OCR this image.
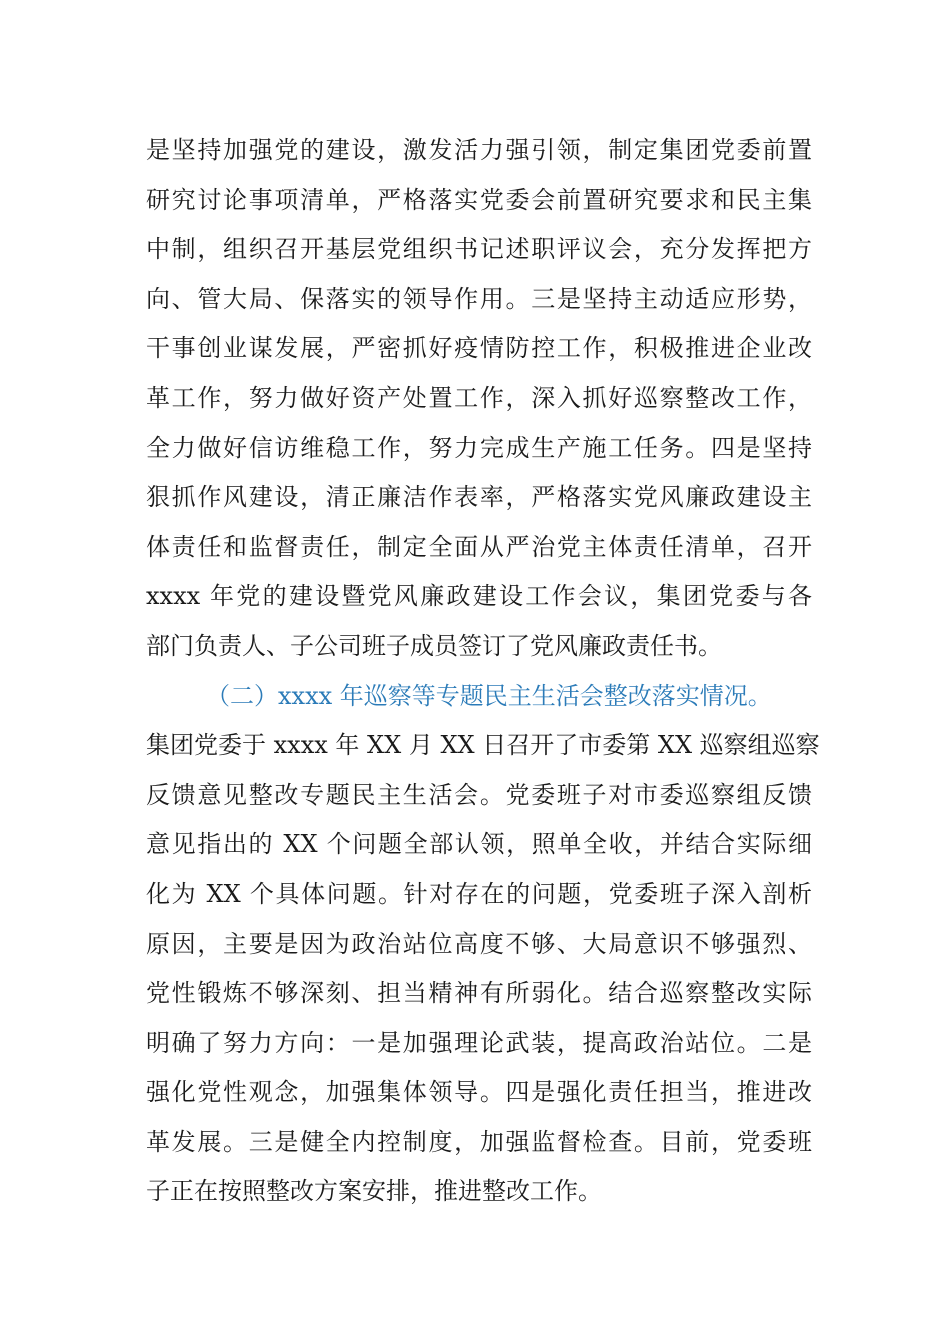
是坚持加强党的建设，激发活力强引领，制定集团党委前置
研究讨论事项清单，严格落实党委会前置研究要求和民主集
中制，组织召开基层党组织书记述职评议会，充分发挥把方
向、管大局、保落实的领导作用。三是坚持主动适应形势，
干事创业谋发展，严密抓好疫情防控工作，积极推进企业改
革工作，努力做好资产处置工作，深入抓好巡察整改工作，
全力做好信访维稳工作，努力完成生产施工任务。四是坚持
狠抓作风建设，清正廉洁作表率，严格落实党风廉政建设主
体责任和监督责任，制定全面从严治党主体责任清单，召开
xxxx 年党的建设暨党风廉政建设工作会议，集团党委与各
部门负责人、子公司班子成员签订了党风廉政责任书。
（二）xxxx 年巡察等专题民主生活会整改落实情况。
集团党委于 xxxx 年 XX 月 XX 日召开了市委第 XX 巡察组巡察
反馈意见整改专题民主生活会。党委班子对市委巡察组反馈
意见指出的 XX 个问题全部认领，照单全收，并结合实际细
化为 XX 个具体问题。针对存在的问题，党委班子深入剖析
原因，主要是因为政治站位高度不够、大局意识不够强烈、
党性锻炼不够深刻、担当精神有所弱化。结合巡察整改实际
明确了努力方向：一是加强理论武装，提高政治站位。二是
强化党性观念，加强集体领导。四是强化责任担当，推进改
革发展。三是健全内控制度，加强监督检查。目前，党委班
子正在按照整改方案安排，推进整改工作。
